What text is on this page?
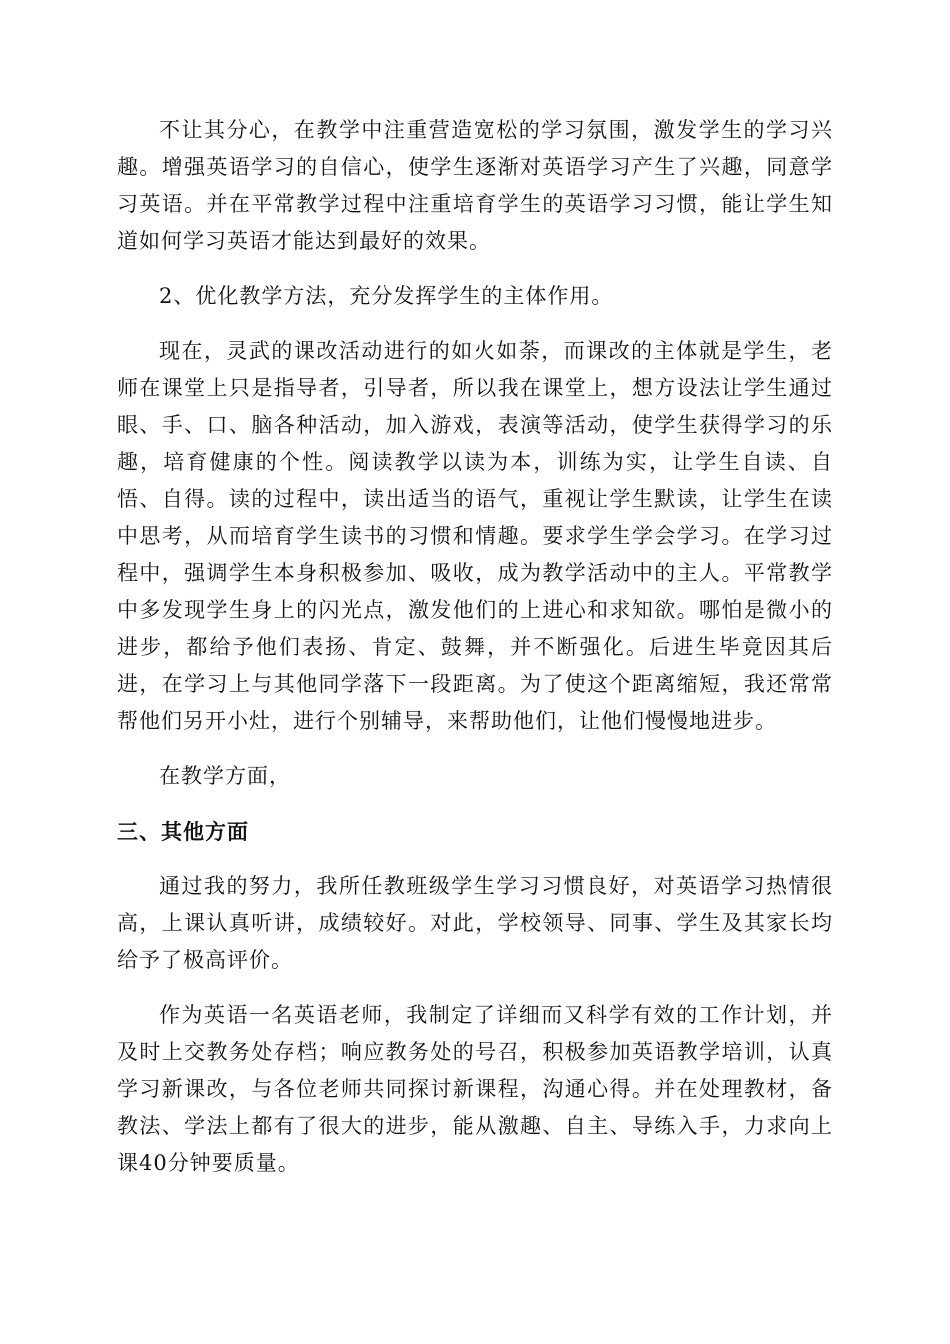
不让其分心，在教学中注重营造宽松的学习氛围，激发学生的学习兴趣。增强英语学习的自信心，使学生逐渐对英语学习产生了兴趣，同意学习英语。并在平常教学过程中注重培育学生的英语学习习惯，能让学生知道如何学习英语才能达到最好的效果。

2、优化教学方法，充分发挥学生的主体作用。

现在，灵武的课改活动进行的如火如荼，而课改的主体就是学生，老师在课堂上只是指导者，引导者，所以我在课堂上，想方设法让学生通过眼、手、口、脑各种活动，加入游戏，表演等活动，使学生获得学习的乐趣，培育健康的个性。阅读教学以读为本，训练为实，让学生自读、自悟、自得。读的过程中，读出适当的语气，重视让学生默读，让学生在读中思考，从而培育学生读书的习惯和情趣。要求学生学会学习。在学习过程中，强调学生本身积极参加、吸收，成为教学活动中的主人。平常教学中多发现学生身上的闪光点，激发他们的上进心和求知欲。哪怕是微小的进步，都给予他们表扬、肯定、鼓舞，并不断强化。后进生毕竟因其后进，在学习上与其他同学落下一段距离。为了使这个距离缩短，我还常常帮他们另开小灶，进行个别辅导，来帮助他们，让他们慢慢地进步。

在教学方面，

三、其他方面

通过我的努力，我所任教班级学生学习习惯良好，对英语学习热情很高，上课认真听讲，成绩较好。对此，学校领导、同事、学生及其家长均给予了极高评价。

作为英语一名英语老师，我制定了详细而又科学有效的工作计划，并及时上交教务处存档；响应教务处的号召，积极参加英语教学培训，认真学习新课改，与各位老师共同探讨新课程，沟通心得。并在处理教材，备教法、学法上都有了很大的进步，能从激趣、自主、导练入手，力求向上课40分钟要质量。
